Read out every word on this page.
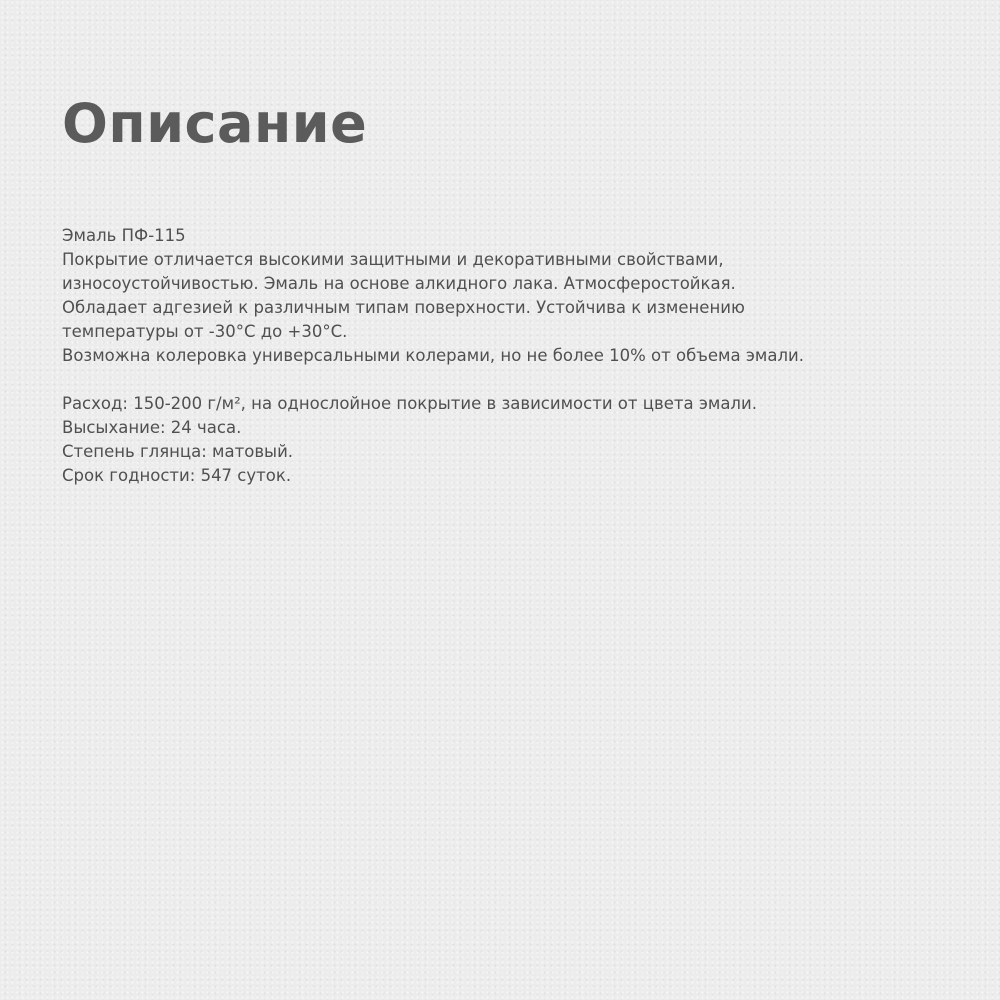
Описание
Эмаль ПФ-115
Покрытие отличается высокими защитными и декоративными свойствами,
износоустойчивостью. Эмаль на основе алкидного лака. Атмосферостойкая.
Обладает адгезией к различным типам поверхности. Устойчива к изменению
температуры от -30°C до +30°C.
Возможна колеровка универсальными колерами, но не более 10% от объема эмали.
Расход: 150-200 г/м², на однослойное покрытие в зависимости от цвета эмали.
Высыхание: 24 часа.
Степень глянца: матовый.
Срок годности: 547 суток.
